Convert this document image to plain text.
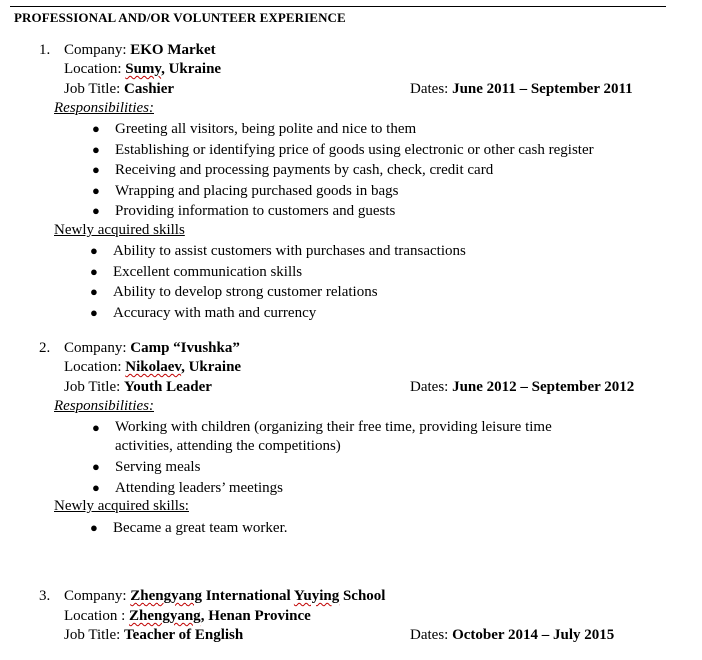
PROFESSIONAL AND/OR VOLUNTEER EXPERIENCE
1. Company: EKO Market
Location: Sumy, Ukraine
Job Title: Cashier	Dates: June 2011 – September 2011
Responsibilities:
● Greeting all visitors, being polite and nice to them
● Establishing or identifying price of goods using electronic or other cash register
● Receiving and processing payments by cash, check, credit card
● Wrapping and placing purchased goods in bags
● Providing information to customers and guests
Newly acquired skills
● Ability to assist customers with purchases and transactions
● Excellent communication skills
● Ability to develop strong customer relations
● Accuracy with math and currency
2. Company: Camp “Ivushka”
Location: Nikolaev, Ukraine
Job Title: Youth Leader	Dates: June 2012 – September 2012
Responsibilities:
● Working with children (organizing their free time, providing leisure time
activities, attending the competitions)
● Serving meals
● Attending leaders’ meetings
Newly acquired skills:
● Became a great team worker.
3. Company: Zhengyang International Yuying School
Location : Zhengyang, Henan Province
Job Title: Teacher of English	Dates: October 2014 – July 2015
